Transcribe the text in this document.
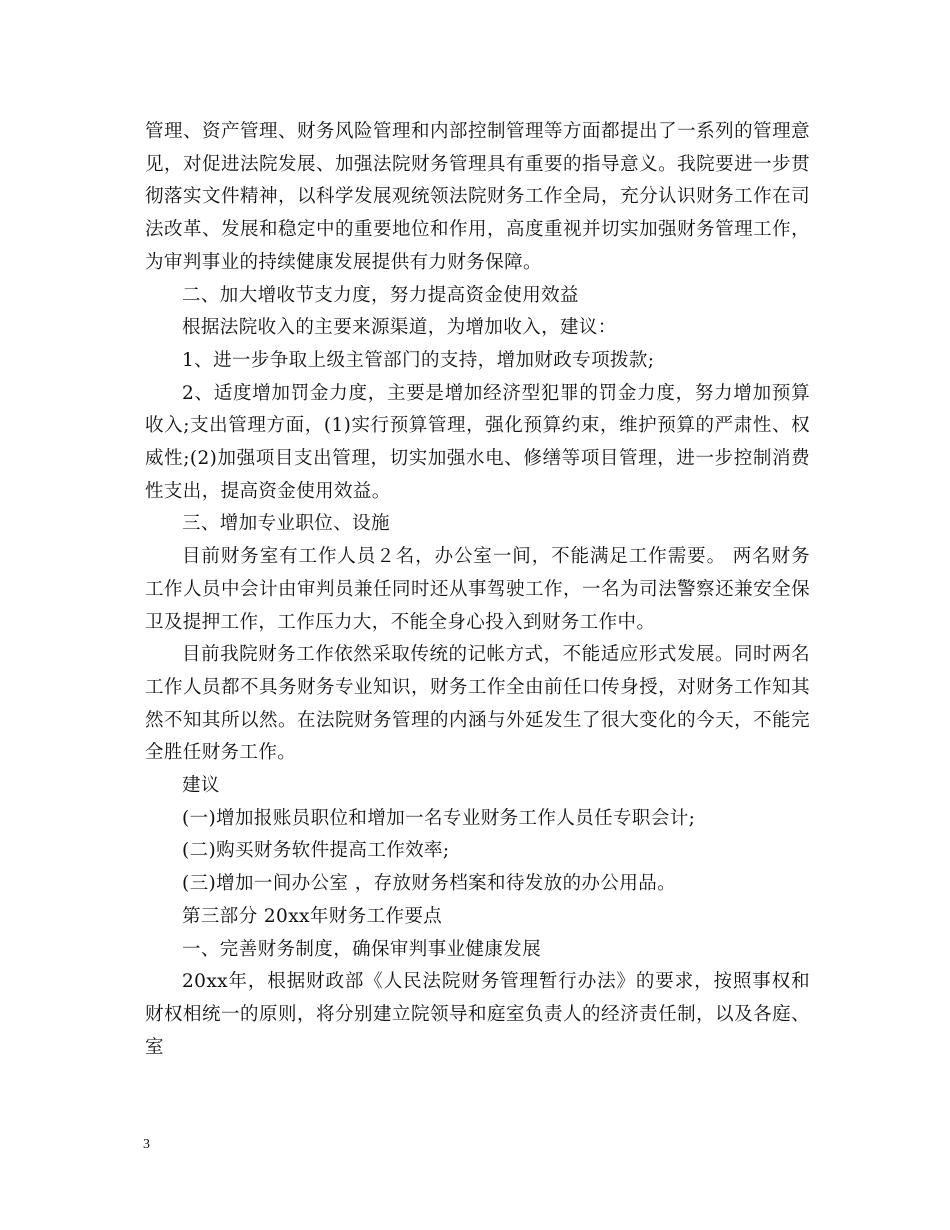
管理、资产管理、财务风险管理和内部控制管理等方面都提出了一系列的管理意见，对促进法院发展、加强法院财务管理具有重要的指导意义。我院要进一步贯彻落实文件精神，以科学发展观统领法院财务工作全局，充分认识财务工作在司法改革、发展和稳定中的重要地位和作用，高度重视并切实加强财务管理工作，为审判事业的持续健康发展提供有力财务保障。

二、加大增收节支力度，努力提高资金使用效益

根据法院收入的主要来源渠道，为增加收入，建议：

1、进一步争取上级主管部门的支持，增加财政专项拨款;

2、适度增加罚金力度，主要是增加经济型犯罪的罚金力度，努力增加预算收入;支出管理方面，(1)实行预算管理，强化预算约束，维护预算的严肃性、权威性;(2)加强项目支出管理，切实加强水电、修缮等项目管理，进一步控制消费性支出，提高资金使用效益。

三、增加专业职位、设施

目前财务室有工作人员２名，办公室一间，不能满足工作需要。 两名财务工作人员中会计由审判员兼任同时还从事驾驶工作，一名为司法警察还兼安全保卫及提押工作，工作压力大，不能全身心投入到财务工作中。

目前我院财务工作依然采取传统的记帐方式，不能适应形式发展。同时两名工作人员都不具务财务专业知识，财务工作全由前任口传身授，对财务工作知其然不知其所以然。在法院财务管理的内涵与外延发生了很大变化的今天，不能完全胜任财务工作。

建议

(一)增加报账员职位和增加一名专业财务工作人员任专职会计;

(二)购买财务软件提高工作效率;

(三)增加一间办公室 ，存放财务档案和待发放的办公用品。

第三部分 20xx年财务工作要点

一、完善财务制度，确保审判事业健康发展

20xx年，根据财政部《人民法院财务管理暂行办法》的要求，按照事权和财权相统一的原则，将分别建立院领导和庭室负责人的经济责任制，以及各庭、室

3
